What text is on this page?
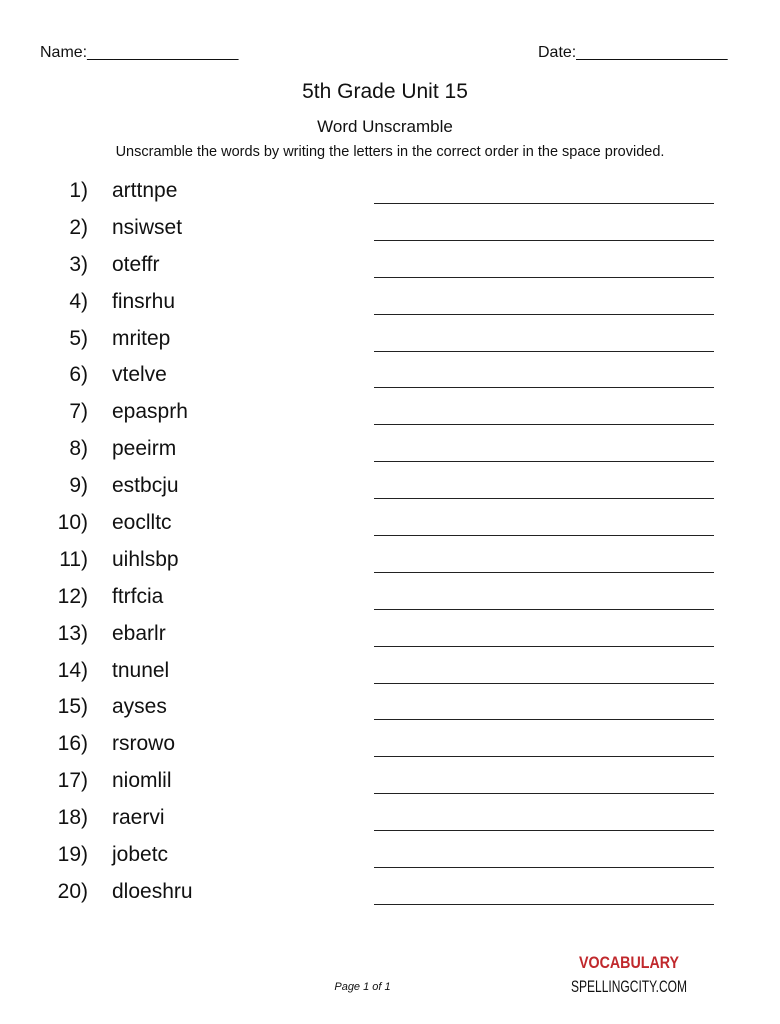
Name:_________________	Date:_________________
5th Grade Unit 15
Word Unscramble
Unscramble the words by writing the letters in the correct order in the space provided.
1) arttnpe
2) nsiwset
3) oteffr
4) finsrhu
5) mritep
6) vtelve
7) epasprh
8) peeirm
9) estbcju
10) eoclltc
11) uihlsbp
12) ftrfcia
13) ebarlr
14) tnunel
15) ayses
16) rsrowo
17) niomlil
18) raervi
19) jobetc
20) dloeshru
Page 1 of 1
VOCABULARY
SPELLINGCITY.COM
